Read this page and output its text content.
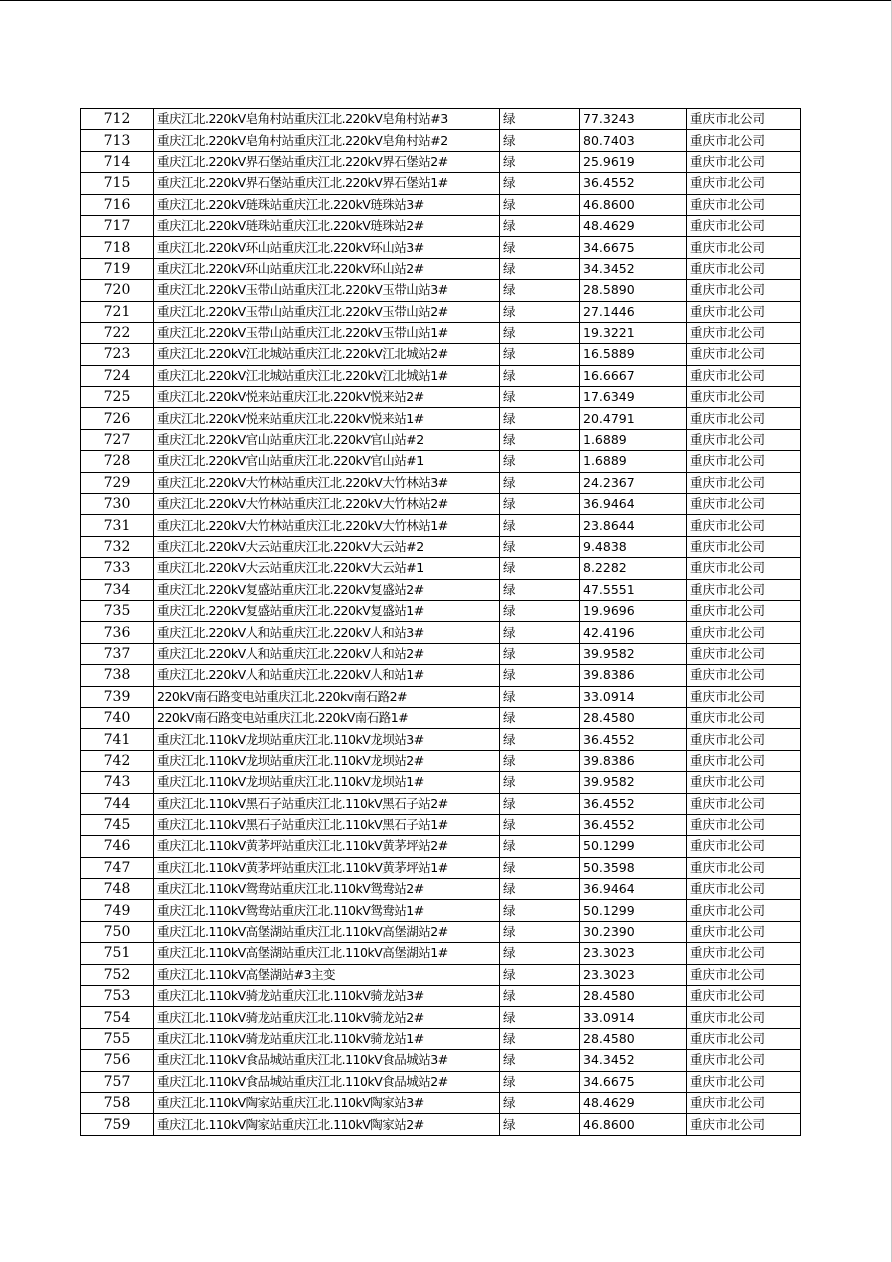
712	重庆江北.220kV皂角村站重庆江北.220kV皂角村站#3	绿	77.3243	重庆市北公司
713	重庆江北.220kV皂角村站重庆江北.220kV皂角村站#2	绿	80.7403	重庆市北公司
714	重庆江北.220kV界石堡站重庆江北.220kV界石堡站2#	绿	25.9619	重庆市北公司
715	重庆江北.220kV界石堡站重庆江北.220kV界石堡站1#	绿	36.4552	重庆市北公司
716	重庆江北.220kV琏珠站重庆江北.220kV琏珠站3#	绿	46.8600	重庆市北公司
717	重庆江北.220kV琏珠站重庆江北.220kV琏珠站2#	绿	48.4629	重庆市北公司
718	重庆江北.220kV环山站重庆江北.220kV环山站3#	绿	34.6675	重庆市北公司
719	重庆江北.220kV环山站重庆江北.220kV环山站2#	绿	34.3452	重庆市北公司
720	重庆江北.220kV玉带山站重庆江北.220kV玉带山站3#	绿	28.5890	重庆市北公司
721	重庆江北.220kV玉带山站重庆江北.220kV玉带山站2#	绿	27.1446	重庆市北公司
722	重庆江北.220kV玉带山站重庆江北.220kV玉带山站1#	绿	19.3221	重庆市北公司
723	重庆江北.220kV江北城站重庆江北.220kV江北城站2#	绿	16.5889	重庆市北公司
724	重庆江北.220kV江北城站重庆江北.220kV江北城站1#	绿	16.6667	重庆市北公司
725	重庆江北.220kV悦来站重庆江北.220kV悦来站2#	绿	17.6349	重庆市北公司
726	重庆江北.220kV悦来站重庆江北.220kV悦来站1#	绿	20.4791	重庆市北公司
727	重庆江北.220kV官山站重庆江北.220kV官山站#2	绿	1.6889	重庆市北公司
728	重庆江北.220kV官山站重庆江北.220kV官山站#1	绿	1.6889	重庆市北公司
729	重庆江北.220kV大竹林站重庆江北.220kV大竹林站3#	绿	24.2367	重庆市北公司
730	重庆江北.220kV大竹林站重庆江北.220kV大竹林站2#	绿	36.9464	重庆市北公司
731	重庆江北.220kV大竹林站重庆江北.220kV大竹林站1#	绿	23.8644	重庆市北公司
732	重庆江北.220kV大云站重庆江北.220kV大云站#2	绿	9.4838	重庆市北公司
733	重庆江北.220kV大云站重庆江北.220kV大云站#1	绿	8.2282	重庆市北公司
734	重庆江北.220kV复盛站重庆江北.220kV复盛站2#	绿	47.5551	重庆市北公司
735	重庆江北.220kV复盛站重庆江北.220kV复盛站1#	绿	19.9696	重庆市北公司
736	重庆江北.220kV人和站重庆江北.220kV人和站3#	绿	42.4196	重庆市北公司
737	重庆江北.220kV人和站重庆江北.220kV人和站2#	绿	39.9582	重庆市北公司
738	重庆江北.220kV人和站重庆江北.220kV人和站1#	绿	39.8386	重庆市北公司
739	220kV南石路变电站重庆江北.220kv南石路2#	绿	33.0914	重庆市北公司
740	220kV南石路变电站重庆江北.220kV南石路1#	绿	28.4580	重庆市北公司
741	重庆江北.110kV龙坝站重庆江北.110kV龙坝站3#	绿	36.4552	重庆市北公司
742	重庆江北.110kV龙坝站重庆江北.110kV龙坝站2#	绿	39.8386	重庆市北公司
743	重庆江北.110kV龙坝站重庆江北.110kV龙坝站1#	绿	39.9582	重庆市北公司
744	重庆江北.110kV黑石子站重庆江北.110kV黑石子站2#	绿	36.4552	重庆市北公司
745	重庆江北.110kV黑石子站重庆江北.110kV黑石子站1#	绿	36.4552	重庆市北公司
746	重庆江北.110kV黄茅坪站重庆江北.110kV黄茅坪站2#	绿	50.1299	重庆市北公司
747	重庆江北.110kV黄茅坪站重庆江北.110kV黄茅坪站1#	绿	50.3598	重庆市北公司
748	重庆江北.110kV鸳鸯站重庆江北.110kV鸳鸯站2#	绿	36.9464	重庆市北公司
749	重庆江北.110kV鸳鸯站重庆江北.110kV鸳鸯站1#	绿	50.1299	重庆市北公司
750	重庆江北.110kV高堡湖站重庆江北.110kV高堡湖站2#	绿	30.2390	重庆市北公司
751	重庆江北.110kV高堡湖站重庆江北.110kV高堡湖站1#	绿	23.3023	重庆市北公司
752	重庆江北.110kV高堡湖站#3主变	绿	23.3023	重庆市北公司
753	重庆江北.110kV骑龙站重庆江北.110kV骑龙站3#	绿	28.4580	重庆市北公司
754	重庆江北.110kV骑龙站重庆江北.110kV骑龙站2#	绿	33.0914	重庆市北公司
755	重庆江北.110kV骑龙站重庆江北.110kV骑龙站1#	绿	28.4580	重庆市北公司
756	重庆江北.110kV食品城站重庆江北.110kV食品城站3#	绿	34.3452	重庆市北公司
757	重庆江北.110kV食品城站重庆江北.110kV食品城站2#	绿	34.6675	重庆市北公司
758	重庆江北.110kV陶家站重庆江北.110kV陶家站3#	绿	48.4629	重庆市北公司
759	重庆江北.110kV陶家站重庆江北.110kV陶家站2#	绿	46.8600	重庆市北公司
